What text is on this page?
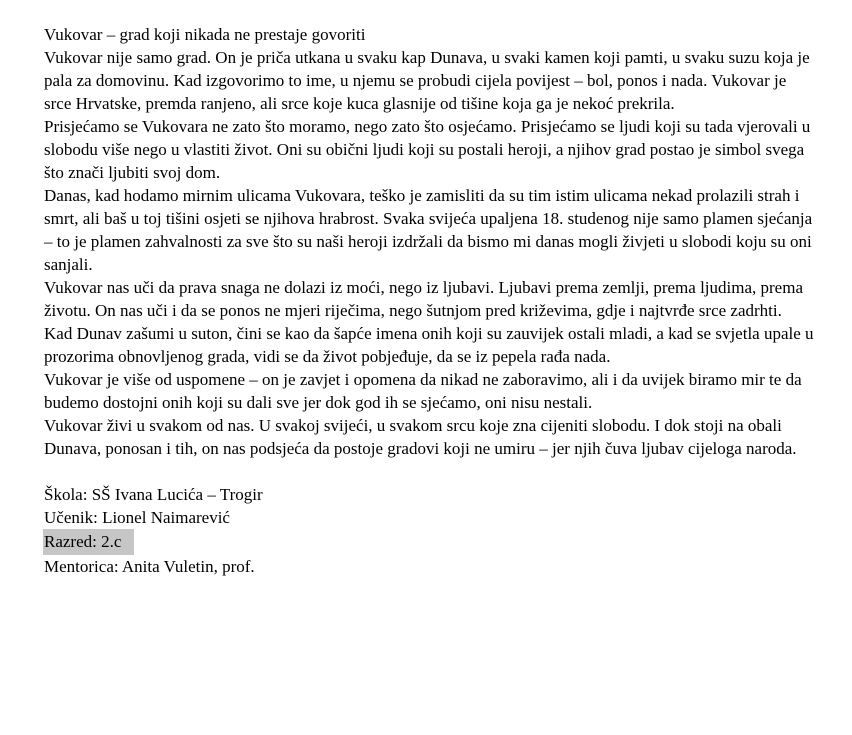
Vukovar – grad koji nikada ne prestaje govoriti

Vukovar nije samo grad. On je priča utkana u svaku kap Dunava, u svaki kamen koji pamti, u svaku suzu koja je pala za domovinu. Kad izgovorimo to ime, u njemu se probudi cijela povijest – bol, ponos i nada. Vukovar je srce Hrvatske, premda ranjeno, ali srce koje kuca glasnije od tišine koja ga je nekoć prekrila.

Prisjećamo se Vukovara ne zato što moramo, nego zato što osjećamo. Prisjećamo se ljudi koji su tada vjerovali u slobodu više nego u vlastiti život. Oni su obični ljudi koji su postali heroji, a njihov grad postao je simbol svega što znači ljubiti svoj dom.

Danas, kad hodamo mirnim ulicama Vukovara, teško je zamisliti da su tim istim ulicama nekad prolazili strah i smrt, ali baš u toj tišini osjeti se njihova hrabrost. Svaka svijeća upaljena 18. studenog nije samo plamen sjećanja – to je plamen zahvalnosti za sve što su naši heroji izdržali da bismo mi danas mogli živjeti u slobodi koju su oni sanjali.

Vukovar nas uči da prava snaga ne dolazi iz moći, nego iz ljubavi. Ljubavi prema zemlji, prema ljudima, prema životu. On nas uči i da se ponos ne mjeri riječima, nego šutnjom pred križevima, gdje i najtvrđe srce zadrhti.

Kad Dunav zašumi u suton, čini se kao da šapće imena onih koji su zauvijek ostali mladi, a kad se svjetla upale u prozorima obnovljenog grada, vidi se da život pobjeđuje, da se iz pepela rađa nada.

Vukovar je više od uspomene – on je zavjet i opomena da nikad ne zaboravimo, ali i da uvijek biramo mir te da budemo dostojni onih koji su dali sve jer dok god ih se sjećamo, oni nisu nestali.

Vukovar živi u svakom od nas. U svakoj svijeći, u svakom srcu koje zna cijeniti slobodu. I dok stoji na obali Dunava, ponosan i tih, on nas podsjeća da postoje gradovi koji ne umiru – jer njih čuva ljubav cijeloga naroda.

Škola: SŠ Ivana Lucića – Trogir

Učenik: Lionel Naimarević

Razred: 2.c

Mentorica: Anita Vuletin, prof.
